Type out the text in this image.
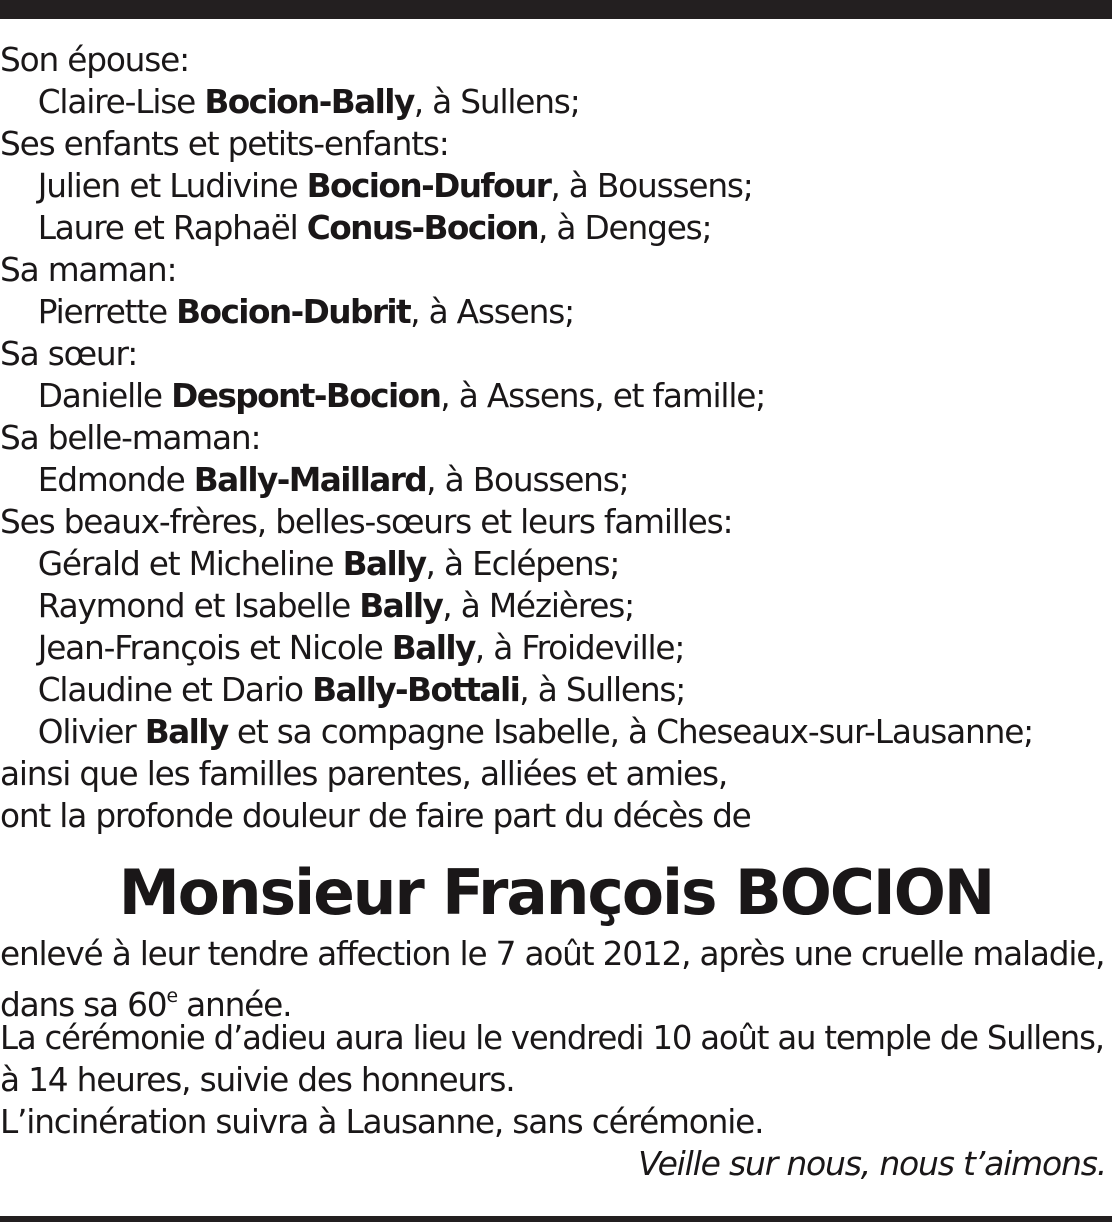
Son épouse:
Claire-Lise Bocion-Bally, à Sullens;
Ses enfants et petits-enfants:
Julien et Ludivine Bocion-Dufour, à Boussens;
Laure et Raphaël Conus-Bocion, à Denges;
Sa maman:
Pierrette Bocion-Dubrit, à Assens;
Sa sœur:
Danielle Despont-Bocion, à Assens, et famille;
Sa belle-maman:
Edmonde Bally-Maillard, à Boussens;
Ses beaux-frères, belles-sœurs et leurs familles:
Gérald et Micheline Bally, à Eclépens;
Raymond et Isabelle Bally, à Mézières;
Jean-François et Nicole Bally, à Froideville;
Claudine et Dario Bally-Bottali, à Sullens;
Olivier Bally et sa compagne Isabelle, à Cheseaux-sur-Lausanne;
ainsi que les familles parentes, alliées et amies,
ont la profonde douleur de faire part du décès de
Monsieur François BOCION
enlevé à leur tendre affection le 7 août 2012, après une cruelle maladie,
dans sa 60e année.
La cérémonie d’adieu aura lieu le vendredi 10 août au temple de Sullens,
à 14 heures, suivie des honneurs.
L’incinération suivra à Lausanne, sans cérémonie.
Veille sur nous, nous t’aimons.
